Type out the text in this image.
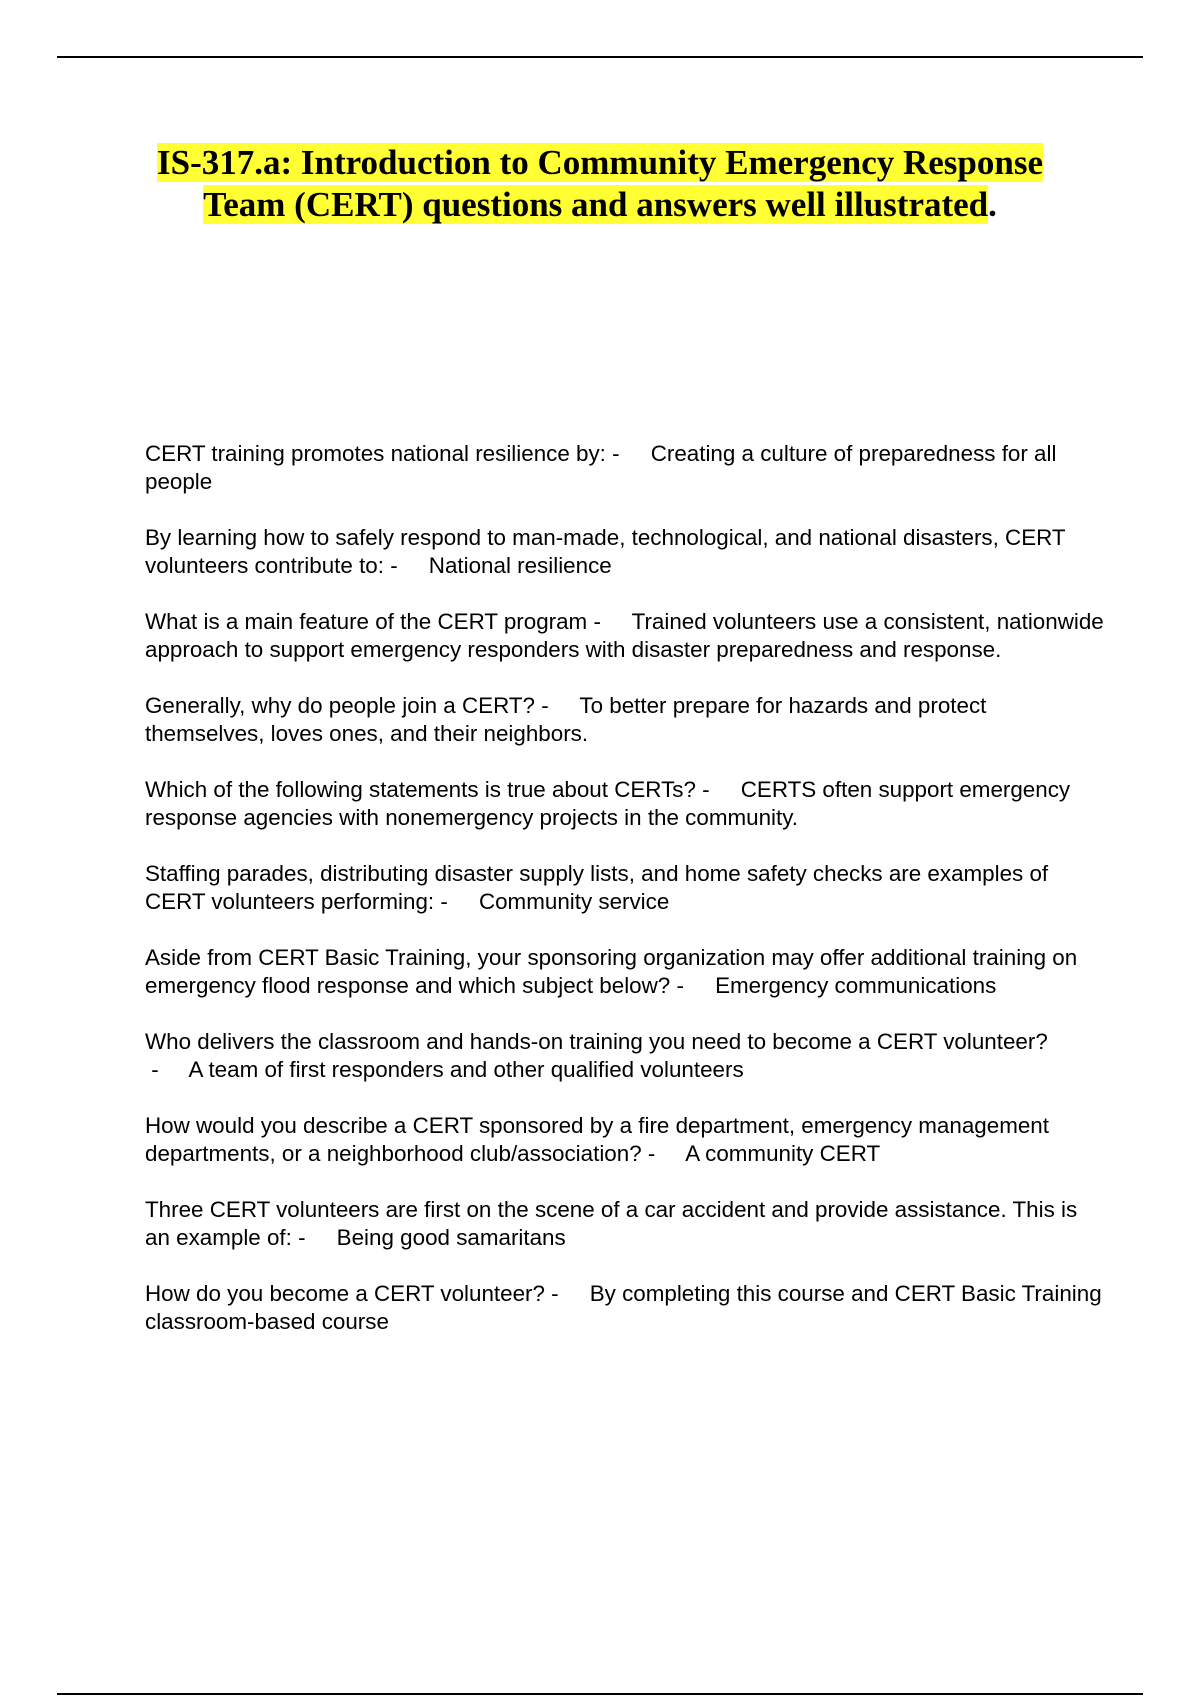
IS-317.a: Introduction to Community Emergency Response Team (CERT) questions and answers well illustrated.
CERT training promotes national resilience by: -     Creating a culture of preparedness for all people
By learning how to safely respond to man-made, technological, and national disasters, CERT volunteers contribute to: -     National resilience
What is a main feature of the CERT program -     Trained volunteers use a consistent, nationwide approach to support emergency responders with disaster preparedness and response.
Generally, why do people join a CERT? -     To better prepare for hazards and protect themselves, loves ones, and their neighbors.
Which of the following statements is true about CERTs? -     CERTS often support emergency response agencies with nonemergency projects in the community.
Staffing parades, distributing disaster supply lists, and home safety checks are examples of CERT volunteers performing: -     Community service
Aside from CERT Basic Training, your sponsoring organization may offer additional training on emergency flood response and which subject below? -     Emergency communications
Who delivers the classroom and hands-on training you need to become a CERT volunteer? -     A team of first responders and other qualified volunteers
How would you describe a CERT sponsored by a fire department, emergency management departments, or a neighborhood club/association? -     A community CERT
Three CERT volunteers are first on the scene of a car accident and provide assistance. This is an example of: -     Being good samaritans
How do you become a CERT volunteer? -     By completing this course and CERT Basic Training classroom-based course
